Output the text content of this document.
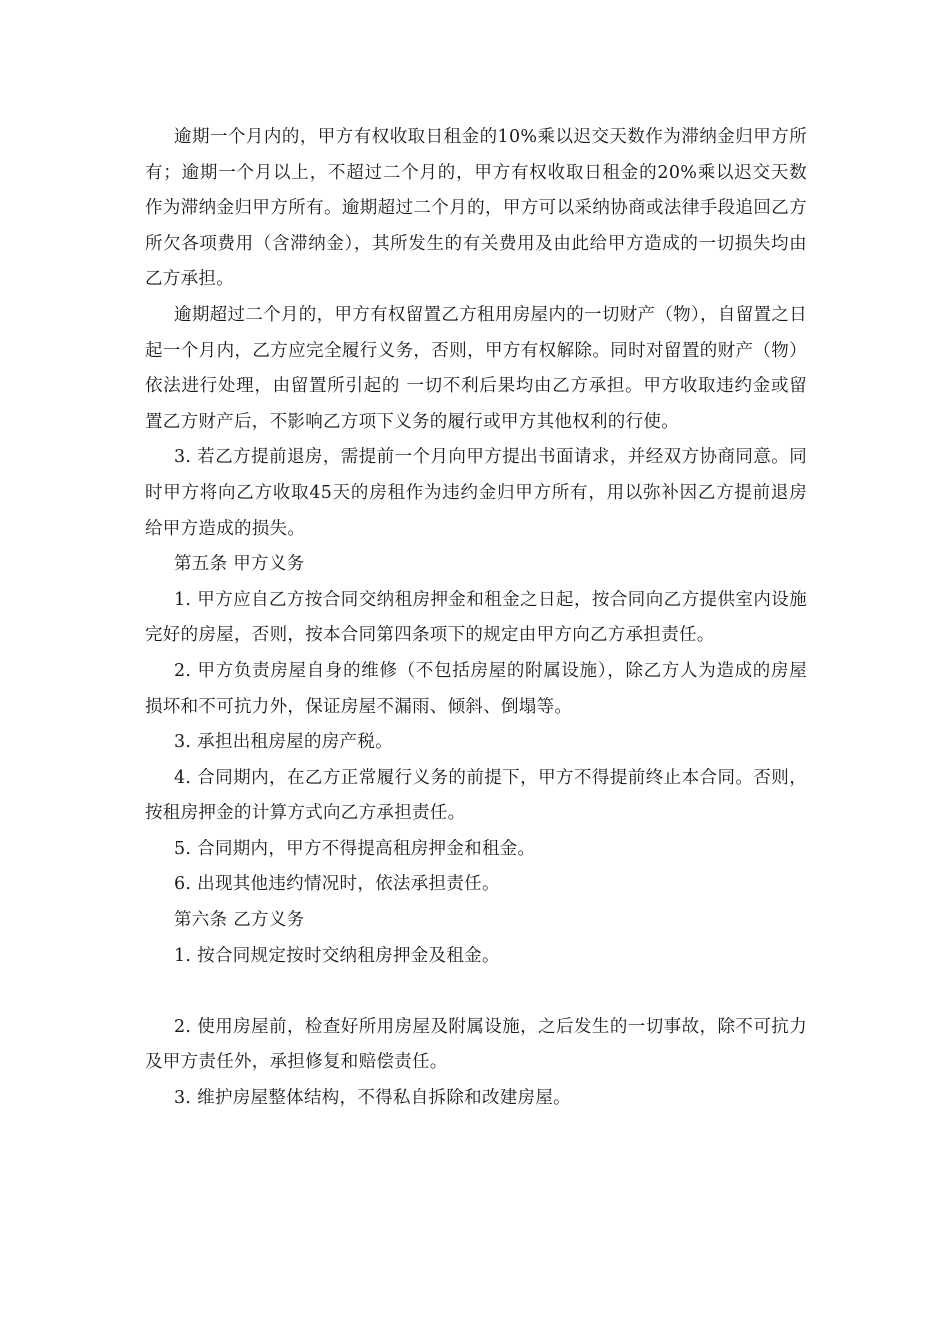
逾期一个月内的，甲方有权收取日租金的10%乘以迟交天数作为滞纳金归甲方所有；逾期一个月以上，不超过二个月的，甲方有权收取日租金的20%乘以迟交天数作为滞纳金归甲方所有。逾期超过二个月的，甲方可以采纳协商或法律手段追回乙方所欠各项费用（含滞纳金），其所发生的有关费用及由此给甲方造成的一切损失均由乙方承担。

逾期超过二个月的，甲方有权留置乙方租用房屋内的一切财产（物），自留置之日起一个月内，乙方应完全履行义务，否则，甲方有权解除。同时对留置的财产（物）依法进行处理，由留置所引起的 一切不利后果均由乙方承担。甲方收取违约金或留置乙方财产后，不影响乙方项下义务的履行或甲方其他权利的行使。

3. 若乙方提前退房，需提前一个月向甲方提出书面请求，并经双方协商同意。同时甲方将向乙方收取45天的房租作为违约金归甲方所有，用以弥补因乙方提前退房给甲方造成的损失。

第五条 甲方义务

1. 甲方应自乙方按合同交纳租房押金和租金之日起，按合同向乙方提供室内设施完好的房屋，否则，按本合同第四条项下的规定由甲方向乙方承担责任。

2. 甲方负责房屋自身的维修（不包括房屋的附属设施），除乙方人为造成的房屋损坏和不可抗力外，保证房屋不漏雨、倾斜、倒塌等。

3. 承担出租房屋的房产税。

4. 合同期内，在乙方正常履行义务的前提下，甲方不得提前终止本合同。否则，按租房押金的计算方式向乙方承担责任。

5. 合同期内，甲方不得提高租房押金和租金。

6. 出现其他违约情况时，依法承担责任。

第六条 乙方义务

1. 按合同规定按时交纳租房押金及租金。

2. 使用房屋前，检查好所用房屋及附属设施，之后发生的一切事故，除不可抗力及甲方责任外，承担修复和赔偿责任。

3. 维护房屋整体结构，不得私自拆除和改建房屋。
